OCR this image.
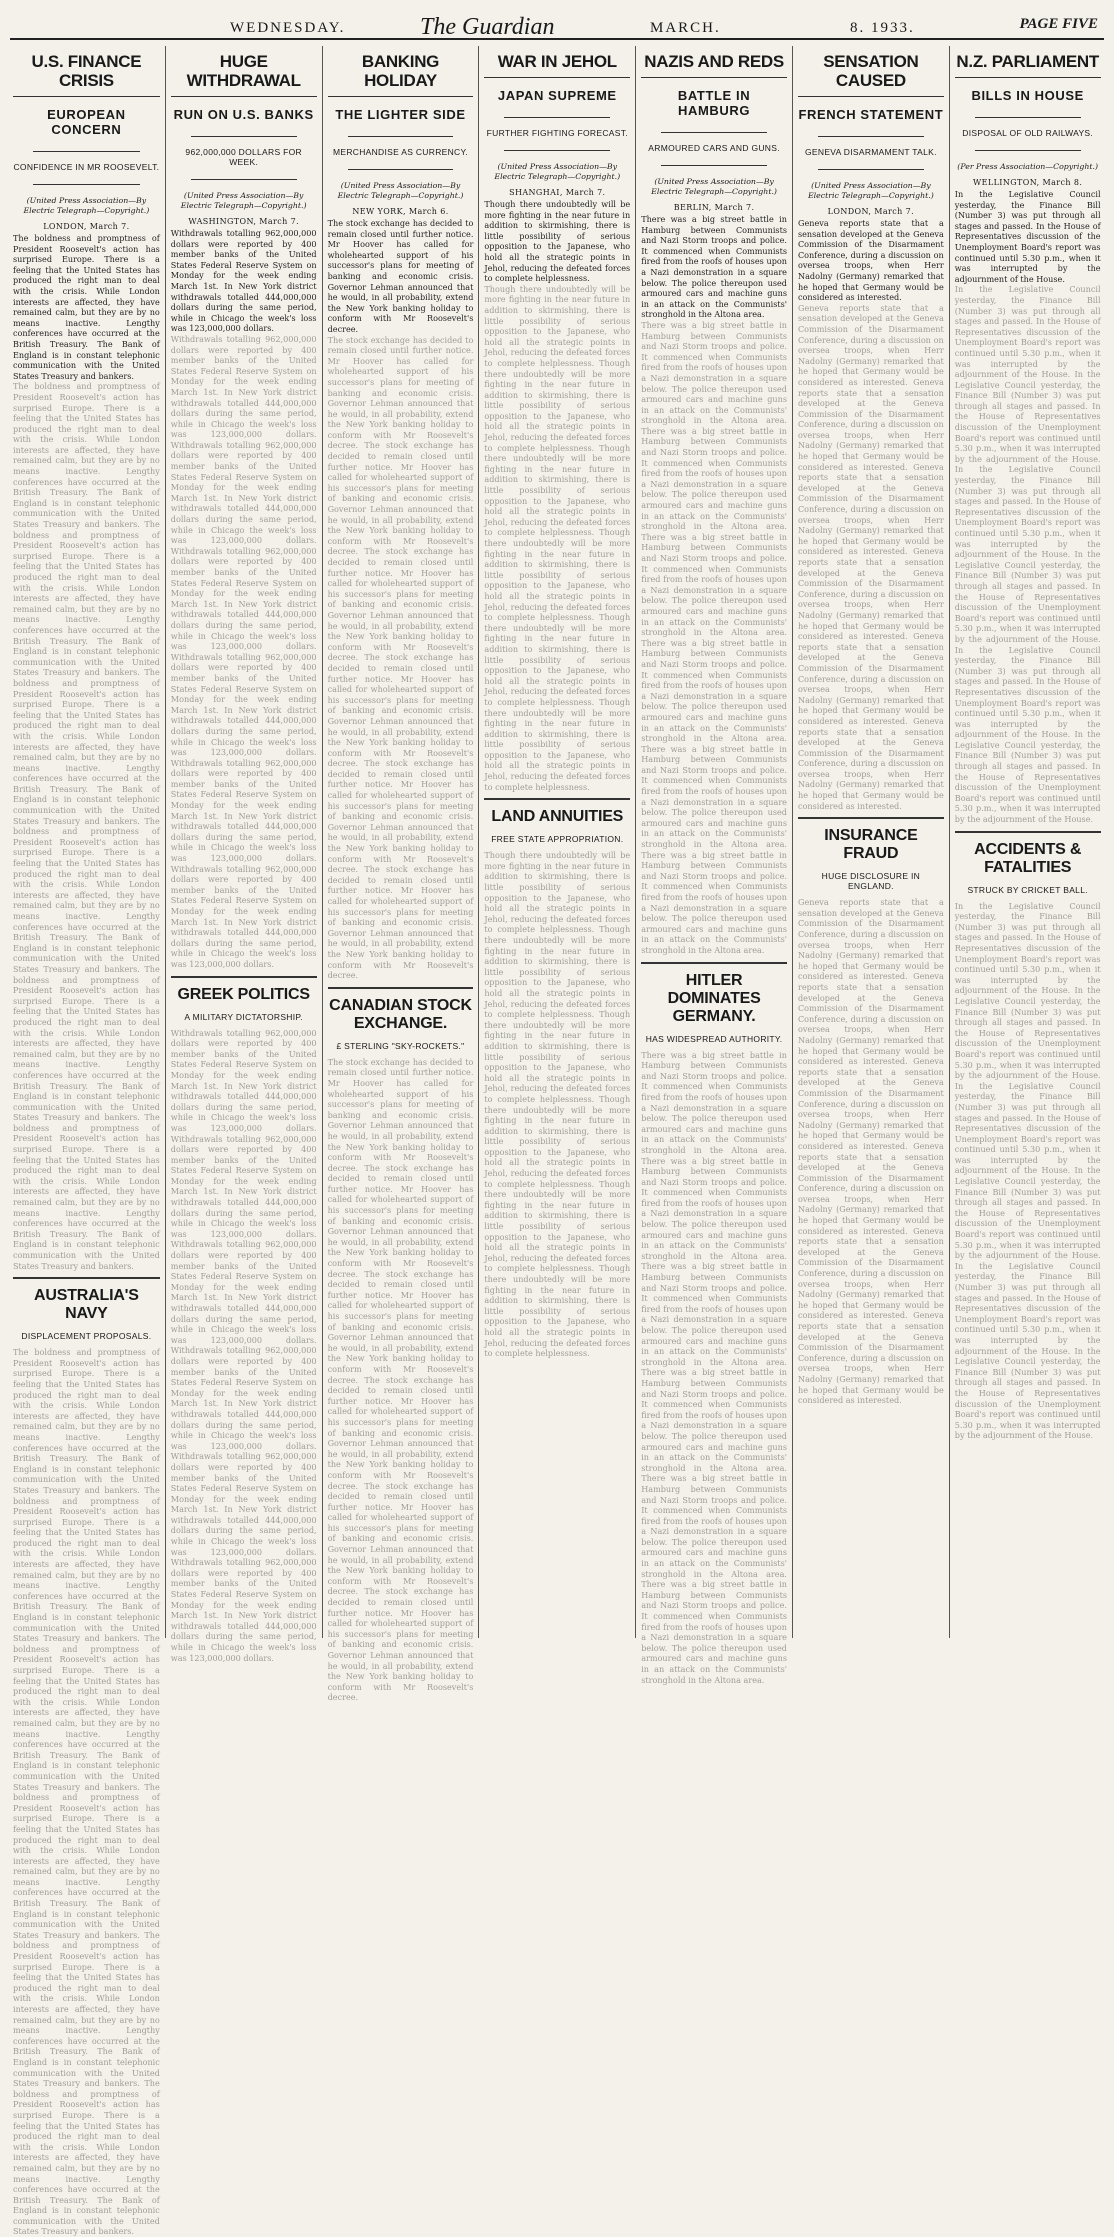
WEDNESDAY.	The Guardian	MARCH.	8. 1933.	PAGE FIVE
U.S. FINANCE CRISIS
EUROPEAN CONCERN
CONFIDENCE IN MR ROOSEVELT.
(United Press Association—By Electric Telegraph—Copyright.)
LONDON, March 7.
The boldness and promptness of President Roosevelt's action has surprised Europe. There is a feeling that the United States has produced the right man to deal with the crisis. While London interests are affected, they have remained calm, but they are by no means inactive. Lengthy conferences have occurred at the British Treasury. The Bank of England is in constant telephonic communication with the United States Treasury and bankers.
The boldness and promptness of President Roosevelt's action has surprised Europe. There is a feeling that the United States has produced the right man to deal with the crisis. While London interests are affected, they have remained calm, but they are by no means inactive. Lengthy conferences have occurred at the British Treasury. The Bank of England is in constant telephonic communication with the United States Treasury and bankers. The boldness and promptness of President Roosevelt's action has surprised Europe. There is a feeling that the United States has produced the right man to deal with the crisis. While London interests are affected, they have remained calm, but they are by no means inactive. Lengthy conferences have occurred at the British Treasury. The Bank of England is in constant telephonic communication with the United States Treasury and bankers. The boldness and promptness of President Roosevelt's action has surprised Europe. There is a feeling that the United States has produced the right man to deal with the crisis. While London interests are affected, they have remained calm, but they are by no means inactive. Lengthy conferences have occurred at the British Treasury. The Bank of England is in constant telephonic communication with the United States Treasury and bankers. The boldness and promptness of President Roosevelt's action has surprised Europe. There is a feeling that the United States has produced the right man to deal with the crisis. While London interests are affected, they have remained calm, but they are by no means inactive. Lengthy conferences have occurred at the British Treasury. The Bank of England is in constant telephonic communication with the United States Treasury and bankers. The boldness and promptness of President Roosevelt's action has surprised Europe. There is a feeling that the United States has produced the right man to deal with the crisis. While London interests are affected, they have remained calm, but they are by no means inactive. Lengthy conferences have occurred at the British Treasury. The Bank of England is in constant telephonic communication with the United States Treasury and bankers. The boldness and promptness of President Roosevelt's action has surprised Europe. There is a feeling that the United States has produced the right man to deal with the crisis. While London interests are affected, they have remained calm, but they are by no means inactive. Lengthy conferences have occurred at the British Treasury. The Bank of England is in constant telephonic communication with the United States Treasury and bankers.
AUSTRALIA'S NAVY
DISPLACEMENT PROPOSALS.
The boldness and promptness of President Roosevelt's action has surprised Europe. There is a feeling that the United States has produced the right man to deal with the crisis. While London interests are affected, they have remained calm, but they are by no means inactive. Lengthy conferences have occurred at the British Treasury. The Bank of England is in constant telephonic communication with the United States Treasury and bankers. The boldness and promptness of President Roosevelt's action has surprised Europe. There is a feeling that the United States has produced the right man to deal with the crisis. While London interests are affected, they have remained calm, but they are by no means inactive. Lengthy conferences have occurred at the British Treasury. The Bank of England is in constant telephonic communication with the United States Treasury and bankers. The boldness and promptness of President Roosevelt's action has surprised Europe. There is a feeling that the United States has produced the right man to deal with the crisis. While London interests are affected, they have remained calm, but they are by no means inactive. Lengthy conferences have occurred at the British Treasury. The Bank of England is in constant telephonic communication with the United States Treasury and bankers. The boldness and promptness of President Roosevelt's action has surprised Europe. There is a feeling that the United States has produced the right man to deal with the crisis. While London interests are affected, they have remained calm, but they are by no means inactive. Lengthy conferences have occurred at the British Treasury. The Bank of England is in constant telephonic communication with the United States Treasury and bankers. The boldness and promptness of President Roosevelt's action has surprised Europe. There is a feeling that the United States has produced the right man to deal with the crisis. While London interests are affected, they have remained calm, but they are by no means inactive. Lengthy conferences have occurred at the British Treasury. The Bank of England is in constant telephonic communication with the United States Treasury and bankers. The boldness and promptness of President Roosevelt's action has surprised Europe. There is a feeling that the United States has produced the right man to deal with the crisis. While London interests are affected, they have remained calm, but they are by no means inactive. Lengthy conferences have occurred at the British Treasury. The Bank of England is in constant telephonic communication with the United States Treasury and bankers.
HUGE WITHDRAWAL
RUN ON U.S. BANKS
962,000,000 DOLLARS FOR WEEK.
(United Press Association—By Electric Telegraph—Copyright.)
WASHINGTON, March 7.
Withdrawals totalling 962,000,000 dollars were reported by 400 member banks of the United States Federal Reserve System on Monday for the week ending March 1st. In New York district withdrawals totalled 444,000,000 dollars during the same period, while in Chicago the week's loss was 123,000,000 dollars.
Withdrawals totalling 962,000,000 dollars were reported by 400 member banks of the United States Federal Reserve System on Monday for the week ending March 1st. In New York district withdrawals totalled 444,000,000 dollars during the same period, while in Chicago the week's loss was 123,000,000 dollars. Withdrawals totalling 962,000,000 dollars were reported by 400 member banks of the United States Federal Reserve System on Monday for the week ending March 1st. In New York district withdrawals totalled 444,000,000 dollars during the same period, while in Chicago the week's loss was 123,000,000 dollars. Withdrawals totalling 962,000,000 dollars were reported by 400 member banks of the United States Federal Reserve System on Monday for the week ending March 1st. In New York district withdrawals totalled 444,000,000 dollars during the same period, while in Chicago the week's loss was 123,000,000 dollars. Withdrawals totalling 962,000,000 dollars were reported by 400 member banks of the United States Federal Reserve System on Monday for the week ending March 1st. In New York district withdrawals totalled 444,000,000 dollars during the same period, while in Chicago the week's loss was 123,000,000 dollars. Withdrawals totalling 962,000,000 dollars were reported by 400 member banks of the United States Federal Reserve System on Monday for the week ending March 1st. In New York district withdrawals totalled 444,000,000 dollars during the same period, while in Chicago the week's loss was 123,000,000 dollars. Withdrawals totalling 962,000,000 dollars were reported by 400 member banks of the United States Federal Reserve System on Monday for the week ending March 1st. In New York district withdrawals totalled 444,000,000 dollars during the same period, while in Chicago the week's loss was 123,000,000 dollars.
GREEK POLITICS
A MILITARY DICTATORSHIP.
Withdrawals totalling 962,000,000 dollars were reported by 400 member banks of the United States Federal Reserve System on Monday for the week ending March 1st. In New York district withdrawals totalled 444,000,000 dollars during the same period, while in Chicago the week's loss was 123,000,000 dollars. Withdrawals totalling 962,000,000 dollars were reported by 400 member banks of the United States Federal Reserve System on Monday for the week ending March 1st. In New York district withdrawals totalled 444,000,000 dollars during the same period, while in Chicago the week's loss was 123,000,000 dollars. Withdrawals totalling 962,000,000 dollars were reported by 400 member banks of the United States Federal Reserve System on Monday for the week ending March 1st. In New York district withdrawals totalled 444,000,000 dollars during the same period, while in Chicago the week's loss was 123,000,000 dollars. Withdrawals totalling 962,000,000 dollars were reported by 400 member banks of the United States Federal Reserve System on Monday for the week ending March 1st. In New York district withdrawals totalled 444,000,000 dollars during the same period, while in Chicago the week's loss was 123,000,000 dollars. Withdrawals totalling 962,000,000 dollars were reported by 400 member banks of the United States Federal Reserve System on Monday for the week ending March 1st. In New York district withdrawals totalled 444,000,000 dollars during the same period, while in Chicago the week's loss was 123,000,000 dollars. Withdrawals totalling 962,000,000 dollars were reported by 400 member banks of the United States Federal Reserve System on Monday for the week ending March 1st. In New York district withdrawals totalled 444,000,000 dollars during the same period, while in Chicago the week's loss was 123,000,000 dollars.
BANKING HOLIDAY
THE LIGHTER SIDE
MERCHANDISE AS CURRENCY.
(United Press Association—By Electric Telegraph—Copyright.)
NEW YORK, March 6.
The stock exchange has decided to remain closed until further notice. Mr Hoover has called for wholehearted support of his successor's plans for meeting of banking and economic crisis. Governor Lehman announced that he would, in all probability, extend the New York banking holiday to conform with Mr Roosevelt's decree.
The stock exchange has decided to remain closed until further notice. Mr Hoover has called for wholehearted support of his successor's plans for meeting of banking and economic crisis. Governor Lehman announced that he would, in all probability, extend the New York banking holiday to conform with Mr Roosevelt's decree. The stock exchange has decided to remain closed until further notice. Mr Hoover has called for wholehearted support of his successor's plans for meeting of banking and economic crisis. Governor Lehman announced that he would, in all probability, extend the New York banking holiday to conform with Mr Roosevelt's decree. The stock exchange has decided to remain closed until further notice. Mr Hoover has called for wholehearted support of his successor's plans for meeting of banking and economic crisis. Governor Lehman announced that he would, in all probability, extend the New York banking holiday to conform with Mr Roosevelt's decree. The stock exchange has decided to remain closed until further notice. Mr Hoover has called for wholehearted support of his successor's plans for meeting of banking and economic crisis. Governor Lehman announced that he would, in all probability, extend the New York banking holiday to conform with Mr Roosevelt's decree. The stock exchange has decided to remain closed until further notice. Mr Hoover has called for wholehearted support of his successor's plans for meeting of banking and economic crisis. Governor Lehman announced that he would, in all probability, extend the New York banking holiday to conform with Mr Roosevelt's decree. The stock exchange has decided to remain closed until further notice. Mr Hoover has called for wholehearted support of his successor's plans for meeting of banking and economic crisis. Governor Lehman announced that he would, in all probability, extend the New York banking holiday to conform with Mr Roosevelt's decree.
CANADIAN STOCK EXCHANGE.
£ STERLING "SKY-ROCKETS."
The stock exchange has decided to remain closed until further notice. Mr Hoover has called for wholehearted support of his successor's plans for meeting of banking and economic crisis. Governor Lehman announced that he would, in all probability, extend the New York banking holiday to conform with Mr Roosevelt's decree. The stock exchange has decided to remain closed until further notice. Mr Hoover has called for wholehearted support of his successor's plans for meeting of banking and economic crisis. Governor Lehman announced that he would, in all probability, extend the New York banking holiday to conform with Mr Roosevelt's decree. The stock exchange has decided to remain closed until further notice. Mr Hoover has called for wholehearted support of his successor's plans for meeting of banking and economic crisis. Governor Lehman announced that he would, in all probability, extend the New York banking holiday to conform with Mr Roosevelt's decree. The stock exchange has decided to remain closed until further notice. Mr Hoover has called for wholehearted support of his successor's plans for meeting of banking and economic crisis. Governor Lehman announced that he would, in all probability, extend the New York banking holiday to conform with Mr Roosevelt's decree. The stock exchange has decided to remain closed until further notice. Mr Hoover has called for wholehearted support of his successor's plans for meeting of banking and economic crisis. Governor Lehman announced that he would, in all probability, extend the New York banking holiday to conform with Mr Roosevelt's decree. The stock exchange has decided to remain closed until further notice. Mr Hoover has called for wholehearted support of his successor's plans for meeting of banking and economic crisis. Governor Lehman announced that he would, in all probability, extend the New York banking holiday to conform with Mr Roosevelt's decree.
WAR IN JEHOL
JAPAN SUPREME
FURTHER FIGHTING FORECAST.
(United Press Association—By Electric Telegraph—Copyright.)
SHANGHAI, March 7.
Though there undoubtedly will be more fighting in the near future in addition to skirmishing, there is little possibility of serious opposition to the Japanese, who hold all the strategic points in Jehol, reducing the defeated forces to complete helplessness.
Though there undoubtedly will be more fighting in the near future in addition to skirmishing, there is little possibility of serious opposition to the Japanese, who hold all the strategic points in Jehol, reducing the defeated forces to complete helplessness. Though there undoubtedly will be more fighting in the near future in addition to skirmishing, there is little possibility of serious opposition to the Japanese, who hold all the strategic points in Jehol, reducing the defeated forces to complete helplessness. Though there undoubtedly will be more fighting in the near future in addition to skirmishing, there is little possibility of serious opposition to the Japanese, who hold all the strategic points in Jehol, reducing the defeated forces to complete helplessness. Though there undoubtedly will be more fighting in the near future in addition to skirmishing, there is little possibility of serious opposition to the Japanese, who hold all the strategic points in Jehol, reducing the defeated forces to complete helplessness. Though there undoubtedly will be more fighting in the near future in addition to skirmishing, there is little possibility of serious opposition to the Japanese, who hold all the strategic points in Jehol, reducing the defeated forces to complete helplessness. Though there undoubtedly will be more fighting in the near future in addition to skirmishing, there is little possibility of serious opposition to the Japanese, who hold all the strategic points in Jehol, reducing the defeated forces to complete helplessness.
LAND ANNUITIES
FREE STATE APPROPRIATION.
Though there undoubtedly will be more fighting in the near future in addition to skirmishing, there is little possibility of serious opposition to the Japanese, who hold all the strategic points in Jehol, reducing the defeated forces to complete helplessness. Though there undoubtedly will be more fighting in the near future in addition to skirmishing, there is little possibility of serious opposition to the Japanese, who hold all the strategic points in Jehol, reducing the defeated forces to complete helplessness. Though there undoubtedly will be more fighting in the near future in addition to skirmishing, there is little possibility of serious opposition to the Japanese, who hold all the strategic points in Jehol, reducing the defeated forces to complete helplessness. Though there undoubtedly will be more fighting in the near future in addition to skirmishing, there is little possibility of serious opposition to the Japanese, who hold all the strategic points in Jehol, reducing the defeated forces to complete helplessness. Though there undoubtedly will be more fighting in the near future in addition to skirmishing, there is little possibility of serious opposition to the Japanese, who hold all the strategic points in Jehol, reducing the defeated forces to complete helplessness. Though there undoubtedly will be more fighting in the near future in addition to skirmishing, there is little possibility of serious opposition to the Japanese, who hold all the strategic points in Jehol, reducing the defeated forces to complete helplessness.
NAZIS AND REDS
BATTLE IN HAMBURG
ARMOURED CARS AND GUNS.
(United Press Association—By Electric Telegraph—Copyright.)
BERLIN, March 7.
There was a big street battle in Hamburg between Communists and Nazi Storm troops and police. It commenced when Communists fired from the roofs of houses upon a Nazi demonstration in a square below. The police thereupon used armoured cars and machine guns in an attack on the Communists' stronghold in the Altona area.
There was a big street battle in Hamburg between Communists and Nazi Storm troops and police. It commenced when Communists fired from the roofs of houses upon a Nazi demonstration in a square below. The police thereupon used armoured cars and machine guns in an attack on the Communists' stronghold in the Altona area. There was a big street battle in Hamburg between Communists and Nazi Storm troops and police. It commenced when Communists fired from the roofs of houses upon a Nazi demonstration in a square below. The police thereupon used armoured cars and machine guns in an attack on the Communists' stronghold in the Altona area. There was a big street battle in Hamburg between Communists and Nazi Storm troops and police. It commenced when Communists fired from the roofs of houses upon a Nazi demonstration in a square below. The police thereupon used armoured cars and machine guns in an attack on the Communists' stronghold in the Altona area. There was a big street battle in Hamburg between Communists and Nazi Storm troops and police. It commenced when Communists fired from the roofs of houses upon a Nazi demonstration in a square below. The police thereupon used armoured cars and machine guns in an attack on the Communists' stronghold in the Altona area. There was a big street battle in Hamburg between Communists and Nazi Storm troops and police. It commenced when Communists fired from the roofs of houses upon a Nazi demonstration in a square below. The police thereupon used armoured cars and machine guns in an attack on the Communists' stronghold in the Altona area. There was a big street battle in Hamburg between Communists and Nazi Storm troops and police. It commenced when Communists fired from the roofs of houses upon a Nazi demonstration in a square below. The police thereupon used armoured cars and machine guns in an attack on the Communists' stronghold in the Altona area.
HITLER DOMINATES GERMANY.
HAS WIDESPREAD AUTHORITY.
There was a big street battle in Hamburg between Communists and Nazi Storm troops and police. It commenced when Communists fired from the roofs of houses upon a Nazi demonstration in a square below. The police thereupon used armoured cars and machine guns in an attack on the Communists' stronghold in the Altona area. There was a big street battle in Hamburg between Communists and Nazi Storm troops and police. It commenced when Communists fired from the roofs of houses upon a Nazi demonstration in a square below. The police thereupon used armoured cars and machine guns in an attack on the Communists' stronghold in the Altona area. There was a big street battle in Hamburg between Communists and Nazi Storm troops and police. It commenced when Communists fired from the roofs of houses upon a Nazi demonstration in a square below. The police thereupon used armoured cars and machine guns in an attack on the Communists' stronghold in the Altona area. There was a big street battle in Hamburg between Communists and Nazi Storm troops and police. It commenced when Communists fired from the roofs of houses upon a Nazi demonstration in a square below. The police thereupon used armoured cars and machine guns in an attack on the Communists' stronghold in the Altona area. There was a big street battle in Hamburg between Communists and Nazi Storm troops and police. It commenced when Communists fired from the roofs of houses upon a Nazi demonstration in a square below. The police thereupon used armoured cars and machine guns in an attack on the Communists' stronghold in the Altona area. There was a big street battle in Hamburg between Communists and Nazi Storm troops and police. It commenced when Communists fired from the roofs of houses upon a Nazi demonstration in a square below. The police thereupon used armoured cars and machine guns in an attack on the Communists' stronghold in the Altona area.
SENSATION CAUSED
FRENCH STATEMENT
GENEVA DISARMAMENT TALK.
(United Press Association—By Electric Telegraph—Copyright.)
LONDON, March 7.
Geneva reports state that a sensation developed at the Geneva Commission of the Disarmament Conference, during a discussion on oversea troops, when Herr Nadolny (Germany) remarked that he hoped that Germany would be considered as interested.
Geneva reports state that a sensation developed at the Geneva Commission of the Disarmament Conference, during a discussion on oversea troops, when Herr Nadolny (Germany) remarked that he hoped that Germany would be considered as interested. Geneva reports state that a sensation developed at the Geneva Commission of the Disarmament Conference, during a discussion on oversea troops, when Herr Nadolny (Germany) remarked that he hoped that Germany would be considered as interested. Geneva reports state that a sensation developed at the Geneva Commission of the Disarmament Conference, during a discussion on oversea troops, when Herr Nadolny (Germany) remarked that he hoped that Germany would be considered as interested. Geneva reports state that a sensation developed at the Geneva Commission of the Disarmament Conference, during a discussion on oversea troops, when Herr Nadolny (Germany) remarked that he hoped that Germany would be considered as interested. Geneva reports state that a sensation developed at the Geneva Commission of the Disarmament Conference, during a discussion on oversea troops, when Herr Nadolny (Germany) remarked that he hoped that Germany would be considered as interested. Geneva reports state that a sensation developed at the Geneva Commission of the Disarmament Conference, during a discussion on oversea troops, when Herr Nadolny (Germany) remarked that he hoped that Germany would be considered as interested.
INSURANCE FRAUD
HUGE DISCLOSURE IN ENGLAND.
Geneva reports state that a sensation developed at the Geneva Commission of the Disarmament Conference, during a discussion on oversea troops, when Herr Nadolny (Germany) remarked that he hoped that Germany would be considered as interested. Geneva reports state that a sensation developed at the Geneva Commission of the Disarmament Conference, during a discussion on oversea troops, when Herr Nadolny (Germany) remarked that he hoped that Germany would be considered as interested. Geneva reports state that a sensation developed at the Geneva Commission of the Disarmament Conference, during a discussion on oversea troops, when Herr Nadolny (Germany) remarked that he hoped that Germany would be considered as interested. Geneva reports state that a sensation developed at the Geneva Commission of the Disarmament Conference, during a discussion on oversea troops, when Herr Nadolny (Germany) remarked that he hoped that Germany would be considered as interested. Geneva reports state that a sensation developed at the Geneva Commission of the Disarmament Conference, during a discussion on oversea troops, when Herr Nadolny (Germany) remarked that he hoped that Germany would be considered as interested. Geneva reports state that a sensation developed at the Geneva Commission of the Disarmament Conference, during a discussion on oversea troops, when Herr Nadolny (Germany) remarked that he hoped that Germany would be considered as interested.
N.Z. PARLIAMENT
BILLS IN HOUSE
DISPOSAL OF OLD RAILWAYS.
(Per Press Association—Copyright.)
WELLINGTON, March 8.
In the Legislative Council yesterday, the Finance Bill (Number 3) was put through all stages and passed. In the House of Representatives discussion of the Unemployment Board's report was continued until 5.30 p.m., when it was interrupted by the adjournment of the House.
In the Legislative Council yesterday, the Finance Bill (Number 3) was put through all stages and passed. In the House of Representatives discussion of the Unemployment Board's report was continued until 5.30 p.m., when it was interrupted by the adjournment of the House. In the Legislative Council yesterday, the Finance Bill (Number 3) was put through all stages and passed. In the House of Representatives discussion of the Unemployment Board's report was continued until 5.30 p.m., when it was interrupted by the adjournment of the House. In the Legislative Council yesterday, the Finance Bill (Number 3) was put through all stages and passed. In the House of Representatives discussion of the Unemployment Board's report was continued until 5.30 p.m., when it was interrupted by the adjournment of the House. In the Legislative Council yesterday, the Finance Bill (Number 3) was put through all stages and passed. In the House of Representatives discussion of the Unemployment Board's report was continued until 5.30 p.m., when it was interrupted by the adjournment of the House. In the Legislative Council yesterday, the Finance Bill (Number 3) was put through all stages and passed. In the House of Representatives discussion of the Unemployment Board's report was continued until 5.30 p.m., when it was interrupted by the adjournment of the House. In the Legislative Council yesterday, the Finance Bill (Number 3) was put through all stages and passed. In the House of Representatives discussion of the Unemployment Board's report was continued until 5.30 p.m., when it was interrupted by the adjournment of the House.
ACCIDENTS & FATALITIES
STRUCK BY CRICKET BALL.
In the Legislative Council yesterday, the Finance Bill (Number 3) was put through all stages and passed. In the House of Representatives discussion of the Unemployment Board's report was continued until 5.30 p.m., when it was interrupted by the adjournment of the House. In the Legislative Council yesterday, the Finance Bill (Number 3) was put through all stages and passed. In the House of Representatives discussion of the Unemployment Board's report was continued until 5.30 p.m., when it was interrupted by the adjournment of the House. In the Legislative Council yesterday, the Finance Bill (Number 3) was put through all stages and passed. In the House of Representatives discussion of the Unemployment Board's report was continued until 5.30 p.m., when it was interrupted by the adjournment of the House. In the Legislative Council yesterday, the Finance Bill (Number 3) was put through all stages and passed. In the House of Representatives discussion of the Unemployment Board's report was continued until 5.30 p.m., when it was interrupted by the adjournment of the House. In the Legislative Council yesterday, the Finance Bill (Number 3) was put through all stages and passed. In the House of Representatives discussion of the Unemployment Board's report was continued until 5.30 p.m., when it was interrupted by the adjournment of the House. In the Legislative Council yesterday, the Finance Bill (Number 3) was put through all stages and passed. In the House of Representatives discussion of the Unemployment Board's report was continued until 5.30 p.m., when it was interrupted by the adjournment of the House.
